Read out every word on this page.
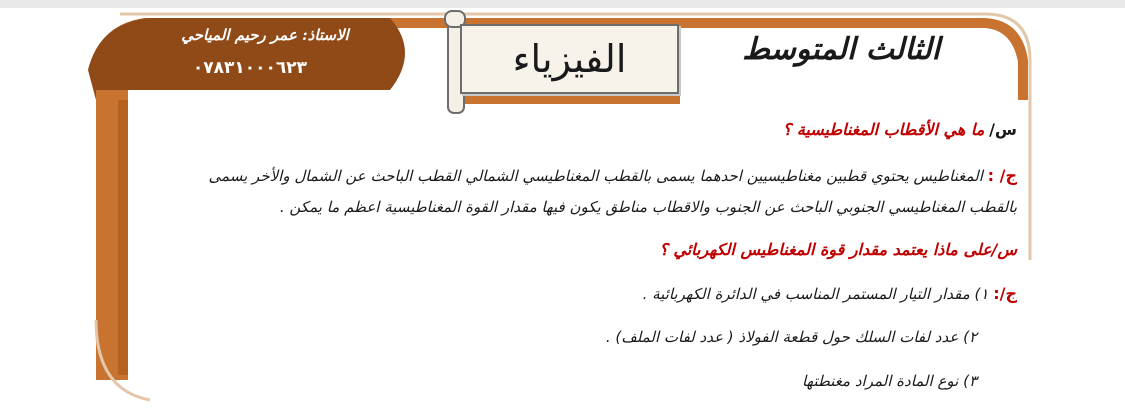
الاستاذ: عمر رحيم المياحي
٠٧٨٣١٠٠٠٦٢٣	الفيزياء	الثالث المتوسط
س/ ما هي الأقطاب المغناطيسية ؟
ج/ : المغناطيس يحتوي قطبين مغناطيسيين احدهما يسمى بالقطب المغناطيسي الشمالي القطب الباحث عن الشمال والأخر يسمى
بالقطب المغناطيسي الجنوبي الباحث عن الجنوب والاقطاب مناطق يكون فيها مقدار القوة المغناطيسية اعظم ما يمكن .
س/على ماذا يعتمد مقدار قوة المغناطيس الكهربائي ؟
ج/: ١) مقدار التيار المستمر المناسب في الدائرة الكهربائية .
٢) عدد لفات السلك حول قطعة الفولاذ ( عدد لفات الملف) .
٣) نوع المادة المراد مغنطتها
